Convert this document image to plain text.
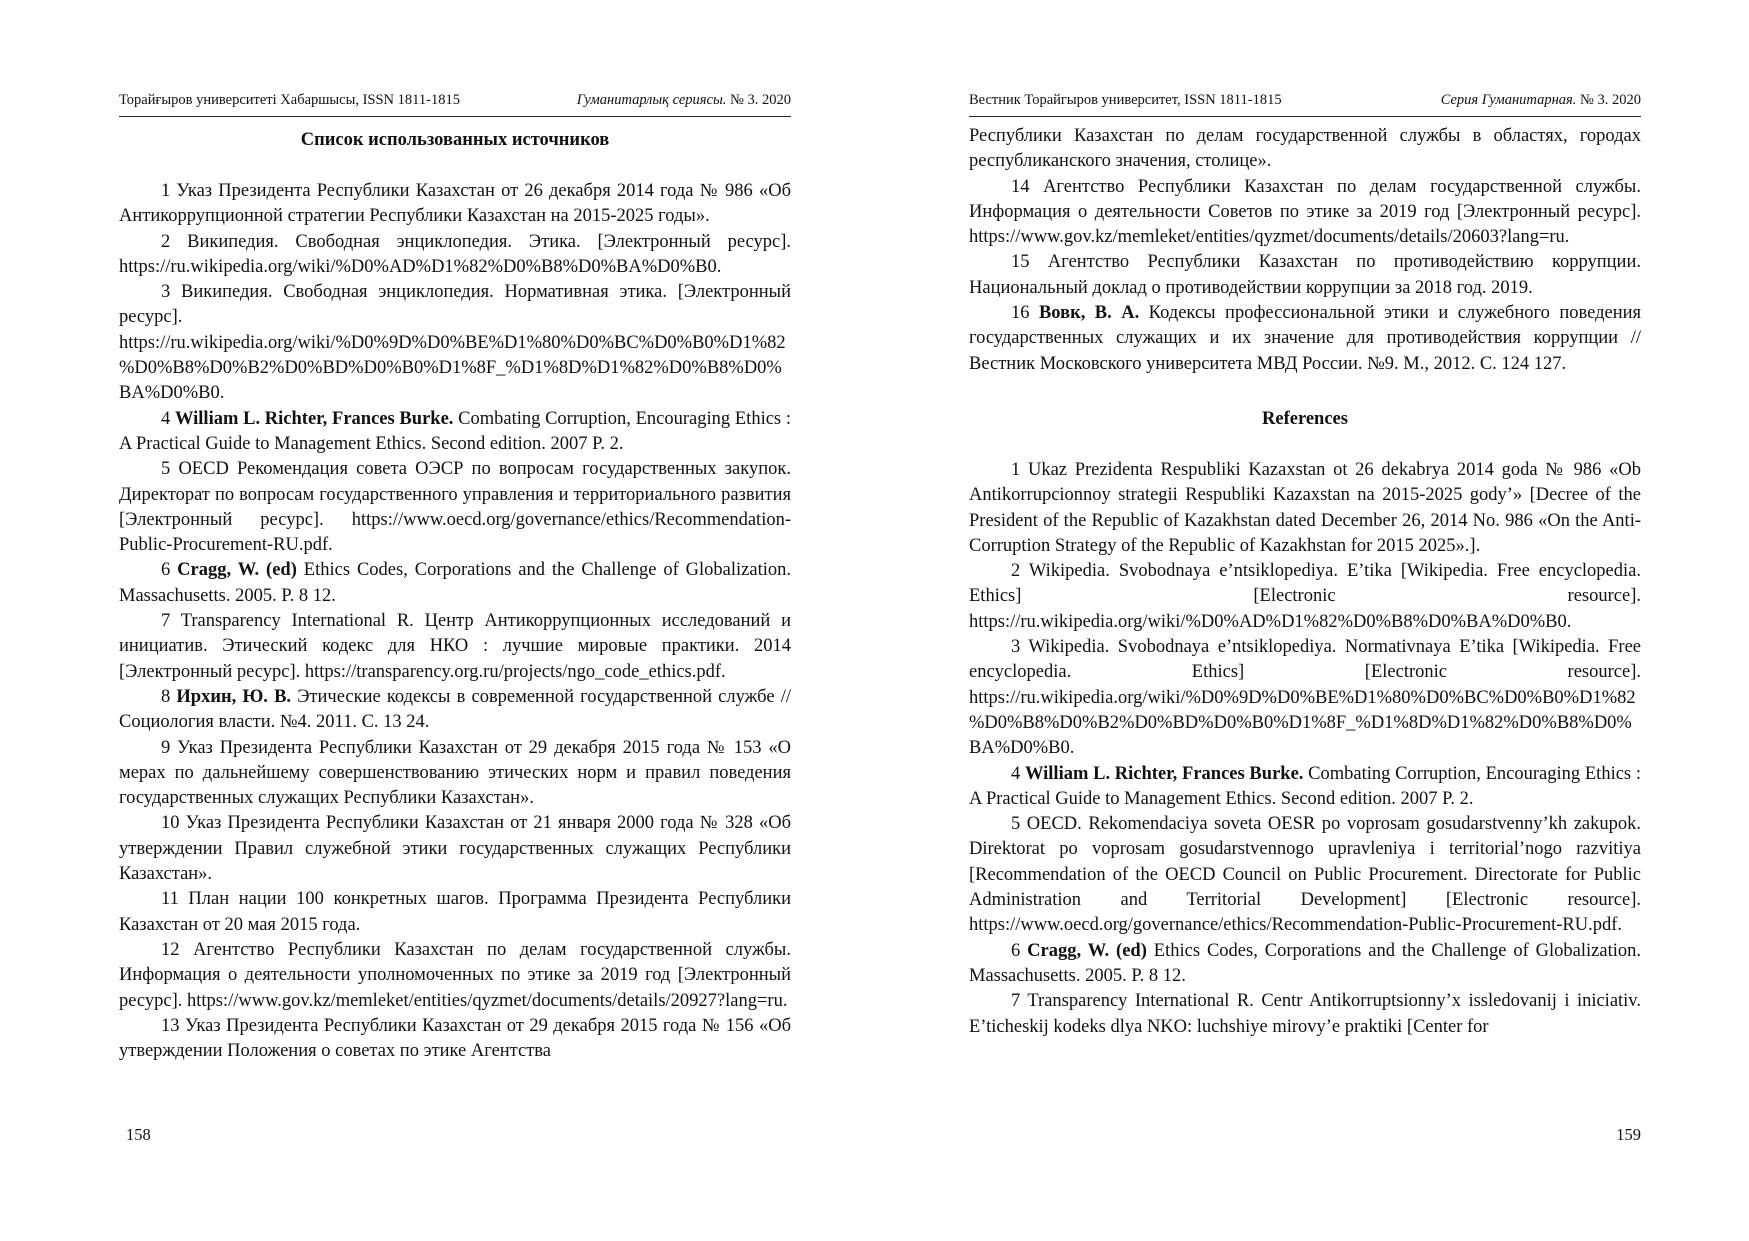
Торайғыров университеті Хабаршысы, ISSN 1811-1815	Гуманитарлық сериясы. № 3. 2020
Список использованных источников

1 Указ Президента Республики Казахстан от 26 декабря 2014 года № 986 «Об Антикоррупционной стратегии Республики Казахстан на 2015-2025 годы».

2 Википедия. Свободная энциклопедия. Этика. [Электронный ресурс]. https://ru.wikipedia.org/wiki/%D0%AD%D1%82%D0%B8%D0%BA%D0%B0.

3 Википедия. Свободная энциклопедия. Нормативная этика. [Электронный ресурс]. https://ru.wikipedia.org/wiki/%D0%9D%D0%BE%D1%80%D0%BC%D0%B0%D1%82%D0%B8%D0%B2%D0%BD%D0%B0%D1%8F_%D1%8D%D1%82%D0%B8%D0%BA%D0%B0.

4 William L. Richter, Frances Burke. Combating Corruption, Encouraging Ethics : A Practical Guide to Management Ethics. Second edition. 2007 P. 2.

5 OECD Рекомендация совета ОЭСР по вопросам государственных закупок. Директорат по вопросам государственного управления и территориального развития [Электронный ресурс]. https://www.oecd.org/governance/ethics/Recommendation-Public-Procurement-RU.pdf.

6 Cragg, W. (ed) Ethics Codes, Corporations and the Challenge of Globalization. Massachusetts. 2005. P. 8 12.

7 Transparency International R. Центр Антикоррупционных исследований и инициатив. Этический кодекс для НКО : лучшие мировые практики. 2014 [Электронный ресурс]. https://transparency.org.ru/projects/ngo_code_ethics.pdf.

8 Ирхин, Ю. В. Этические кодексы в современной государственной службе // Социология власти. №4. 2011. С. 13 24.

9 Указ Президента Республики Казахстан от 29 декабря 2015 года № 153 «О мерах по дальнейшему совершенствованию этических норм и правил поведения государственных служащих Республики Казахстан».

10 Указ Президента Республики Казахстан от 21 января 2000 года № 328 «Об утверждении Правил служебной этики государственных служащих Республики Казахстан».

11 План нации 100 конкретных шагов. Программа Президента Республики Казахстан от 20 мая 2015 года.

12 Агентство Республики Казахстан по делам государственной службы. Информация о деятельности уполномоченных по этике за 2019 год [Электронный ресурс]. https://www.gov.kz/memleket/entities/qyzmet/documents/details/20927?lang=ru.

13 Указ Президента Республики Казахстан от 29 декабря 2015 года № 156 «Об утверждении Положения о советах по этике Агентства

158
Вестник Торайгыров университет, ISSN 1811-1815	Серия Гуманитарная. № 3. 2020

Республики Казахстан по делам государственной службы в областях, городах республиканского значения, столице».

14 Агентство Республики Казахстан по делам государственной службы. Информация о деятельности Советов по этике за 2019 год [Электронный ресурс]. https://www.gov.kz/memleket/entities/qyzmet/documents/details/20603?lang=ru.

15 Агентство Республики Казахстан по противодействию коррупции. Национальный доклад о противодействии коррупции за 2018 год. 2019.

16 Вовк, В. А. Кодексы профессиональной этики и служебного поведения государственных служащих и их значение для противодействия коррупции // Вестник Московского университета МВД России. №9. М., 2012. С. 124 127.

References

1 Ukaz Prezidenta Respubliki Kazaxstan ot 26 dekabrya 2014 goda № 986 «Ob Antikorrupcionnoy strategii Respubliki Kazaxstan na 2015-2025 gody’» [Decree of the President of the Republic of Kazakhstan dated December 26, 2014 No. 986 «On the Anti-Corruption Strategy of the Republic of Kazakhstan for 2015 2025».].

2 Wikipedia. Svobodnaya e’ntsiklopediya. E’tika [Wikipedia. Free encyclopedia. Ethics] [Electronic resource]. https://ru.wikipedia.org/wiki/%D0%AD%D1%82%D0%B8%D0%BA%D0%B0.

3 Wikipedia. Svobodnaya e’ntsiklopediya. Normativnaya E’tika [Wikipedia. Free encyclopedia. Ethics] [Electronic resource]. https://ru.wikipedia.org/wiki/%D0%9D%D0%BE%D1%80%D0%BC%D0%B0%D1%82%D0%B8%D0%B2%D0%BD%D0%B0%D1%8F_%D1%8D%D1%82%D0%B8%D0%BA%D0%B0.

4 William L. Richter, Frances Burke. Combating Corruption, Encouraging Ethics : A Practical Guide to Management Ethics. Second edition. 2007 P. 2.

5 OECD. Rekomendaciya soveta OESR po voprosam gosudarstvenny’kh zakupok. Direktorat po voprosam gosudarstvennogo upravleniya i territorial’nogo razvitiya [Recommendation of the OECD Council on Public Procurement. Directorate for Public Administration and Territorial Development] [Electronic resource]. https://www.oecd.org/governance/ethics/Recommendation-Public-Procurement-RU.pdf.

6 Cragg, W. (ed) Ethics Codes, Corporations and the Challenge of Globalization. Massachusetts. 2005. P. 8 12.

7 Transparency International R. Centr Antikorruptsionny’x issledovanij i iniciativ. E’ticheskij kodeks dlya NKO: luchshiye mirovy’e praktiki [Center for

159
